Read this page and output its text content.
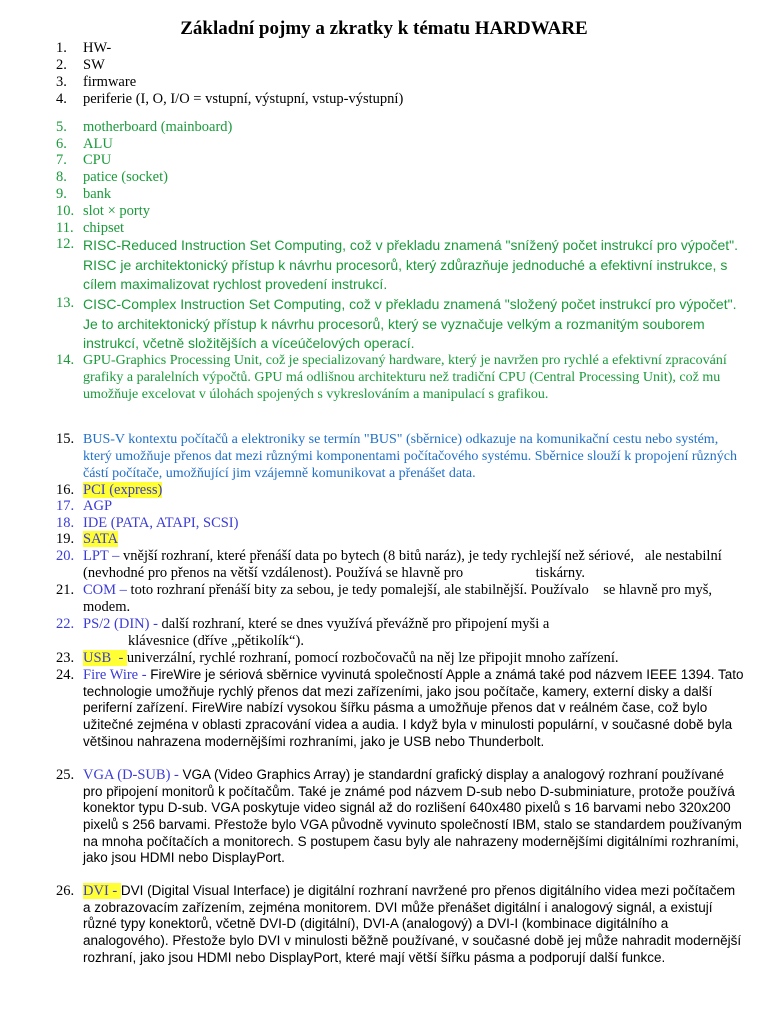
Základní pojmy a zkratky k tématu HARDWARE
1.	HW-
2.	SW
3.	firmware
4.	periferie (I, O, I/O = vstupní, výstupní, vstup-výstupní)
5.	motherboard (mainboard)
6.	ALU
7.	CPU
8.	patice (socket)
9.	bank
10. slot × porty
11. chipset
12. RISC-Reduced Instruction Set Computing, což v překladu znamená "snížený počet instrukcí pro výpočet". RISC je architektonický přístup k návrhu procesorů, který zdůrazňuje jednoduché a efektivní instrukce, s cílem maximalizovat rychlost provedení instrukcí.
13. CISC-Complex Instruction Set Computing, což v překladu znamená "složený počet instrukcí pro výpočet". Je to architektonický přístup k návrhu procesorů, který se vyznačuje velkým a rozmanitým souborem instrukcí, včetně složitějších a víceúčelových operací.
14. GPU-Graphics Processing Unit, což je specializovaný hardware, který je navržen pro rychlé a efektivní zpracování grafiky a paralelních výpočtů. GPU má odlišnou architekturu než tradiční CPU (Central Processing Unit), což mu umožňuje excelovat v úlohách spojených s vykreslováním a manipulací s grafikou.
15. BUS-V kontextu počítačů a elektroniky se termín "BUS" (sběrnice) odkazuje na komunikační cestu nebo systém, který umožňuje přenos dat mezi různými komponentami počítačového systému. Sběrnice slouží k propojení různých částí počítače, umožňující jim vzájemně komunikovat a přenášet data.
16. PCI (express)
17. AGP
18. IDE (PATA, ATAPI, SCSI)
19. SATA
20. LPT – vnější rozhraní, které přenáší data po bytech (8 bitů naráz), je tedy rychlejší než sériové,   ale nestabilní (nevhodné pro přenos na větší vzdálenost). Používá se hlavně pro                    tiskárny.
21. COM – toto rozhraní přenáší bity za sebou, je tedy pomalejší, ale stabilnější. Používalo    se hlavně pro myš, modem.
22. PS/2 (DIN) - další rozhraní, které se dnes využívá převážně pro připojení myši a
klávesnice (dříve „pětikolík“).
23. USB  - univerzální, rychlé rozhraní, pomocí rozbočovačů na něj lze připojit mnoho zařízení.
24. Fire Wire - FireWire je sériová sběrnice vyvinutá společností Apple a známá také pod názvem IEEE 1394. Tato technologie umožňuje rychlý přenos dat mezi zařízeními, jako jsou počítače, kamery, externí disky a další periferní zařízení. FireWire nabízí vysokou šířku pásma a umožňuje přenos dat v reálném čase, což bylo užitečné zejména v oblasti zpracování videa a audia. I když byla v minulosti populární, v současné době byla většinou nahrazena modernějšími rozhraními, jako je USB nebo Thunderbolt.
25. VGA (D-SUB) - VGA (Video Graphics Array) je standardní grafický display a analogový rozhraní používané pro připojení monitorů k počítačům. Také je známé pod názvem D-sub nebo D-subminiature, protože používá konektor typu D-sub. VGA poskytuje video signál až do rozlišení 640x480 pixelů s 16 barvami nebo 320x200 pixelů s 256 barvami. Přestože bylo VGA původně vyvinuto společností IBM, stalo se standardem používaným na mnoha počítačích a monitorech. S postupem času byly ale nahrazeny modernějšími digitálními rozhraními, jako jsou HDMI nebo DisplayPort.
26. DVI - DVI (Digital Visual Interface) je digitální rozhraní navržené pro přenos digitálního videa mezi počítačem a zobrazovacím zařízením, zejména monitorem. DVI může přenášet digitální i analogový signál, a existují různé typy konektorů, včetně DVI-D (digitální), DVI-A (analogový) a DVI-I (kombinace digitálního a analogového). Přestože bylo DVI v minulosti běžně používané, v současné době jej může nahradit modernější rozhraní, jako jsou HDMI nebo DisplayPort, které mají větší šířku pásma a podporují další funkce.
